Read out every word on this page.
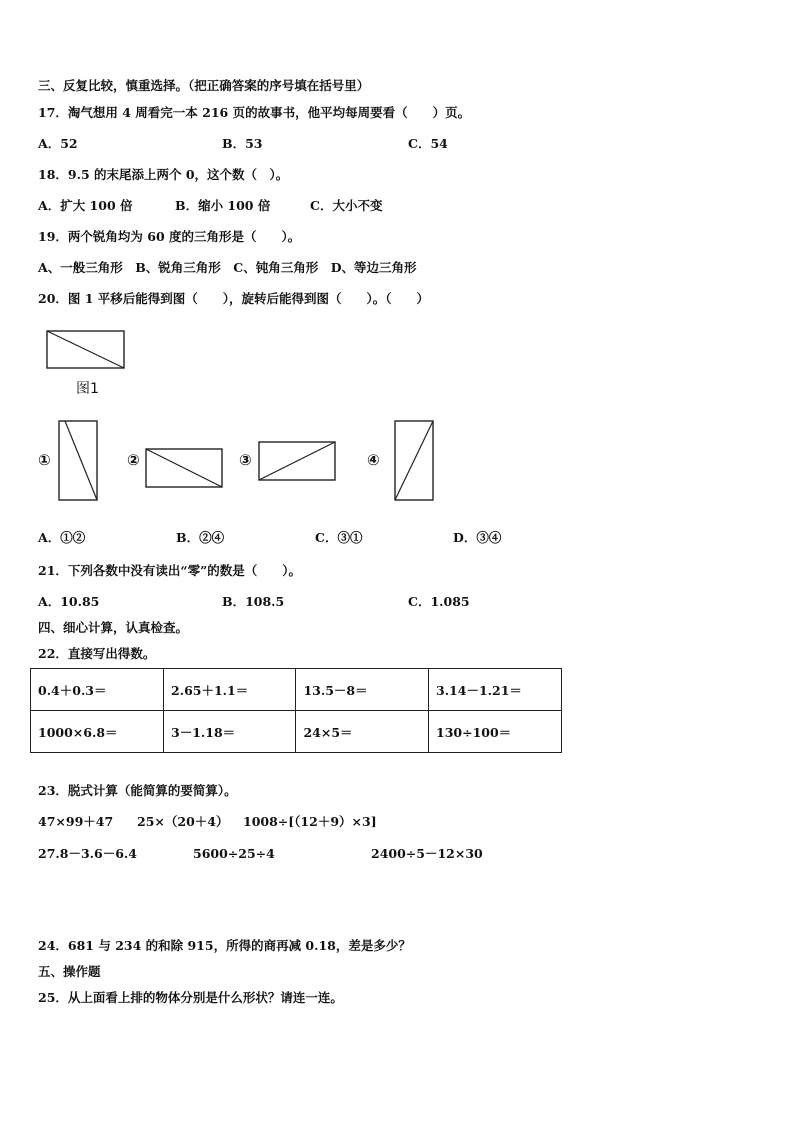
三、反复比较，慎重选择。（把正确答案的序号填在括号里）
17．淘气想用 4 周看完一本 216 页的故事书，他平均每周要看（　　）页。
A．52	B．53	C．54
18．9.5 的末尾添上两个 0，这个数（　）。
A．扩大 100 倍	B．缩小 100 倍	C．大小不变
19．两个锐角均为 60 度的三角形是（　　）。
A、一般三角形　B、锐角三角形　C、钝角三角形　D、等边三角形
20．图 1 平移后能得到图（　　），旋转后能得到图（　　）。（　　）
图1
①	②	③	④
A．①②	B．②④	C．③①	D．③④
21．下列各数中没有读出“零”的数是（　　）。
A．10.85	B．108.5	C．1.085
四、细心计算，认真检查。
22．直接写出得数。
0.4＋0.3＝	2.65＋1.1＝	13.5－8＝	3.14－1.21＝
1000×6.8＝	3－1.18＝	24×5＝	130÷100＝
23．脱式计算（能简算的要简算）。
47×99＋47 25×（20＋4） 1008÷[（12＋9）×3]
27.8－3.6－6.4	5600÷25÷4	2400÷5－12×30
24．681 与 234 的和除 915，所得的商再减 0.18，差是多少？
五、操作题
25．从上面看上排的物体分别是什么形状？请连一连。
